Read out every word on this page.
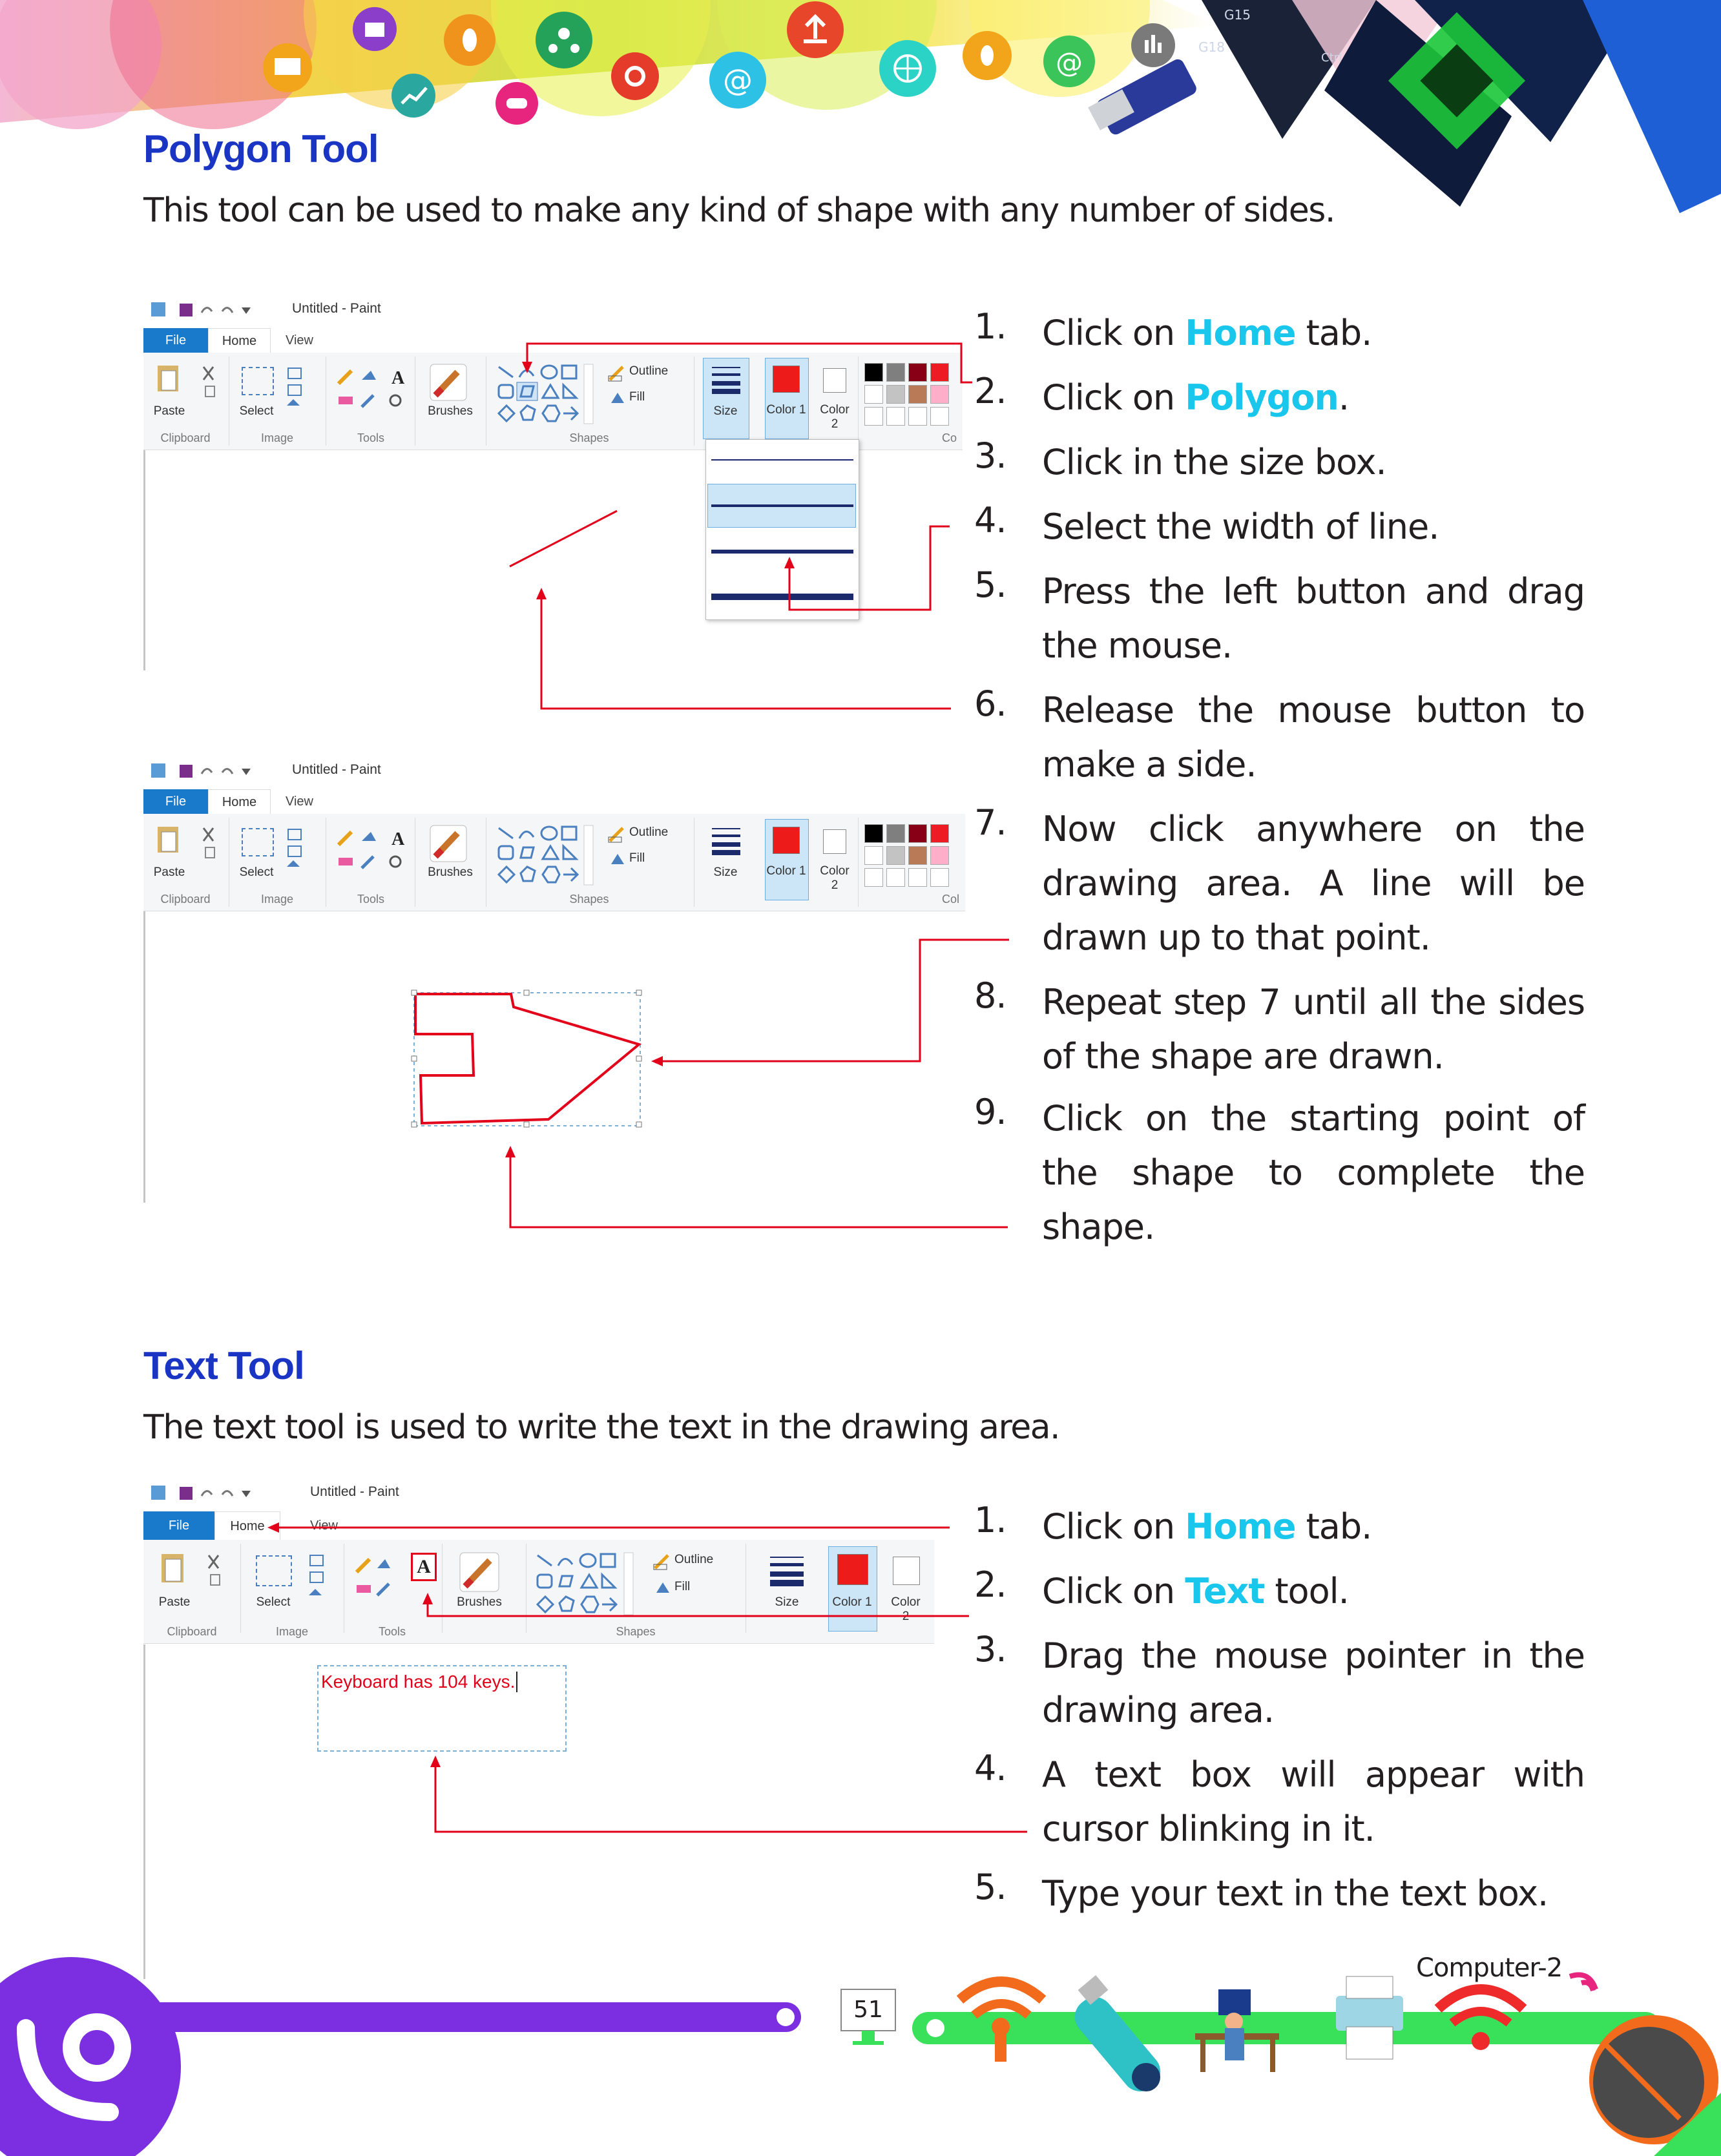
@
@
G15
G18
Ctrl
Polygon Tool
This tool can be used to make any kind of shape with any number of sides.
Untitled - Paint
File	Home	View
Paste	Select
A
Brushes
Outline
Fill
Size	Color 1	Color 2
Clipboard	Image	Tools	Shapes	Co
Untitled - Paint
File	Home	View
Paste	Select
A
Brushes
Outline
Fill
Size	Color 1	Color 2
Clipboard	Image	Tools	Shapes	Col
1. Click on Home tab.
2. Click on Polygon.
3. Click in the size box.
4. Select the width of line.
5. Press the left button and drag the mouse.
6. Release the mouse button to make a side.
7. Now click anywhere on the drawing area. A line will be drawn up to that point.
8. Repeat step 7 until all the sides of the shape are drawn.
9. Click on the starting point of the shape to complete the shape.
Text Tool
The text tool is used to write the text in the drawing area.
Untitled - Paint
File	Home	View
Paste	Select
A
Brushes
Outline
Fill
Size	Color 1	Color 2
Clipboard	Image	Tools	Shapes
Keyboard has 104 keys.
1. Click on Home tab.
2. Click on Text tool.
3. Drag the mouse pointer in the drawing area.
4. A text box will appear with cursor blinking in it.
5. Type your text in the text box.
51
Computer-2
